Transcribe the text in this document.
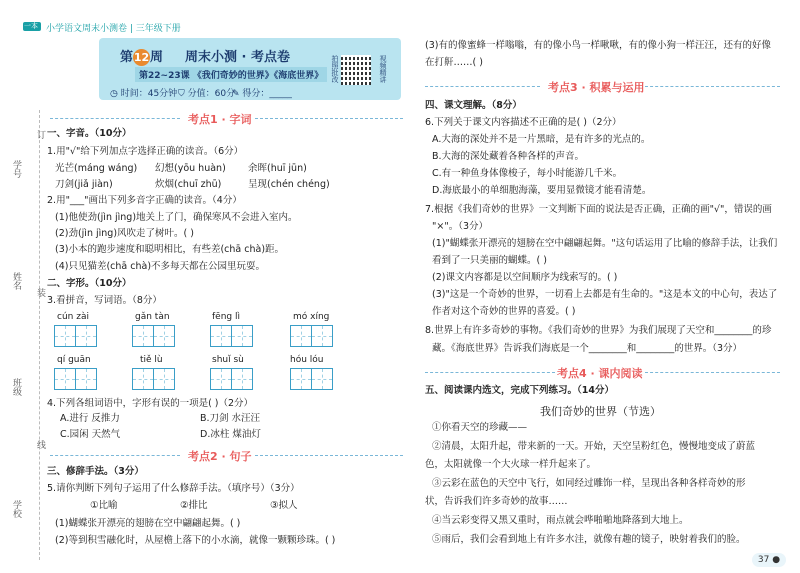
一本 小学语文周末小测卷 | 三年级下册
第12周 周末小测 · 考点卷
第22~23课 《我们奇妙的世界》《海底世界》
◷ 时间：45分钟 ⛉ 分值：60分
✎ 得分：_____
拍照批改	视频精讲
学号
姓名
班级
学校
订
装
线
考点1 · 字词
一、字音。（10分）
1.用"√"给下列加点字选择正确的读音。（6分）
光芒(máng wáng) 幻想(yōu huàn) 余晖(huī jūn)
刀剑(jiǎ jiàn)	炊烟(chuī zhū)	呈现(chén chéng)
2.用"___"画出下列多音字正确的读音。（4分）
(1)他使劲(jìn jìng)地关上了门，确保寒风不会进入室内。
(2)劲(jìn jìng)风吹走了树叶。( )
(3)小本的跑步速度和聪明相比，有些差(chā chà)距。
(4)只见猫差(chā chà)不多每天都在公园里玩耍。
二、字形。（10分）
3.看拼音，写词语。（8分）
cún zài	gǎn tàn	fēng lì	mó xíng
qí guān	tiě lù	shuǐ sù	hóu lóu
4.下列各组词语中，字形有误的一项是( )（2分）
A.进行 反推力	B.刀剑 水汪汪
C.园闲 天然气	D.冰柱 煤油灯
考点2 · 句子
三、修辞手法。（3分）
5.请你判断下列句子运用了什么修辞手法。（填序号）（3分）
①比喻	②排比	③拟人
(1)蝴蝶张开漂亮的翅膀在空中翩翩起舞。( )
(2)等到积雪融化时，从屋檐上落下的小水滴，就像一颗颗珍珠。( )
(3)有的像蜜蜂一样嗡嗡，有的像小鸟一样啾啾，有的像小狗一样汪汪，还有的好像
在打鼾……( )
考点3 · 积累与运用
四、课文理解。（8分）
6.下列关于课文内容描述不正确的是( )（2分）
A.大海的深处并不是一片黑暗，是有许多的光点的。
B.大海的深处藏着各种各样的声音。
C.有一种鱼身体像梭子，每小时能游几千米。
D.海底最小的单细胞海藻，要用显微镜才能看清楚。
7.根据《我们奇妙的世界》一文判断下面的说法是否正确，正确的画"√"，错误的画
"×"。（3分）
(1)"蝴蝶张开漂亮的翅膀在空中翩翩起舞。"这句话运用了比喻的修辞手法，让我们
看到了一只美丽的蝴蝶。( )
(2)课文内容都是以空间顺序为线索写的。( )
(3)"这是一个奇妙的世界，一切看上去都是有生命的。"这是本文的中心句，表达了
作者对这个奇妙的世界的喜爱。( )
8.世界上有许多奇妙的事物。《我们奇妙的世界》为我们展现了天空和________的珍
藏。《海底世界》告诉我们海底是一个________和________的世界。（3分）
考点4 · 课内阅读
五、阅读课内选文，完成下列练习。（14分）
我们奇妙的世界（节选）
①你看天空的珍藏——
②清晨，太阳升起，带来新的一天。开始，天空呈粉红色，慢慢地变成了蔚蓝
色，太阳就像一个大火球一样升起来了。
③云彩在蓝色的天空中飞行，如同经过雕饰一样，呈现出各种各样奇妙的形
状，告诉我们许多奇妙的故事……
④当云彩变得又黑又重时，雨点就会哗啪啪地降落到大地上。
⑤雨后，我们会看到地上有许多水洼，就像有趣的镜子，映射着我们的脸。
37 ●
